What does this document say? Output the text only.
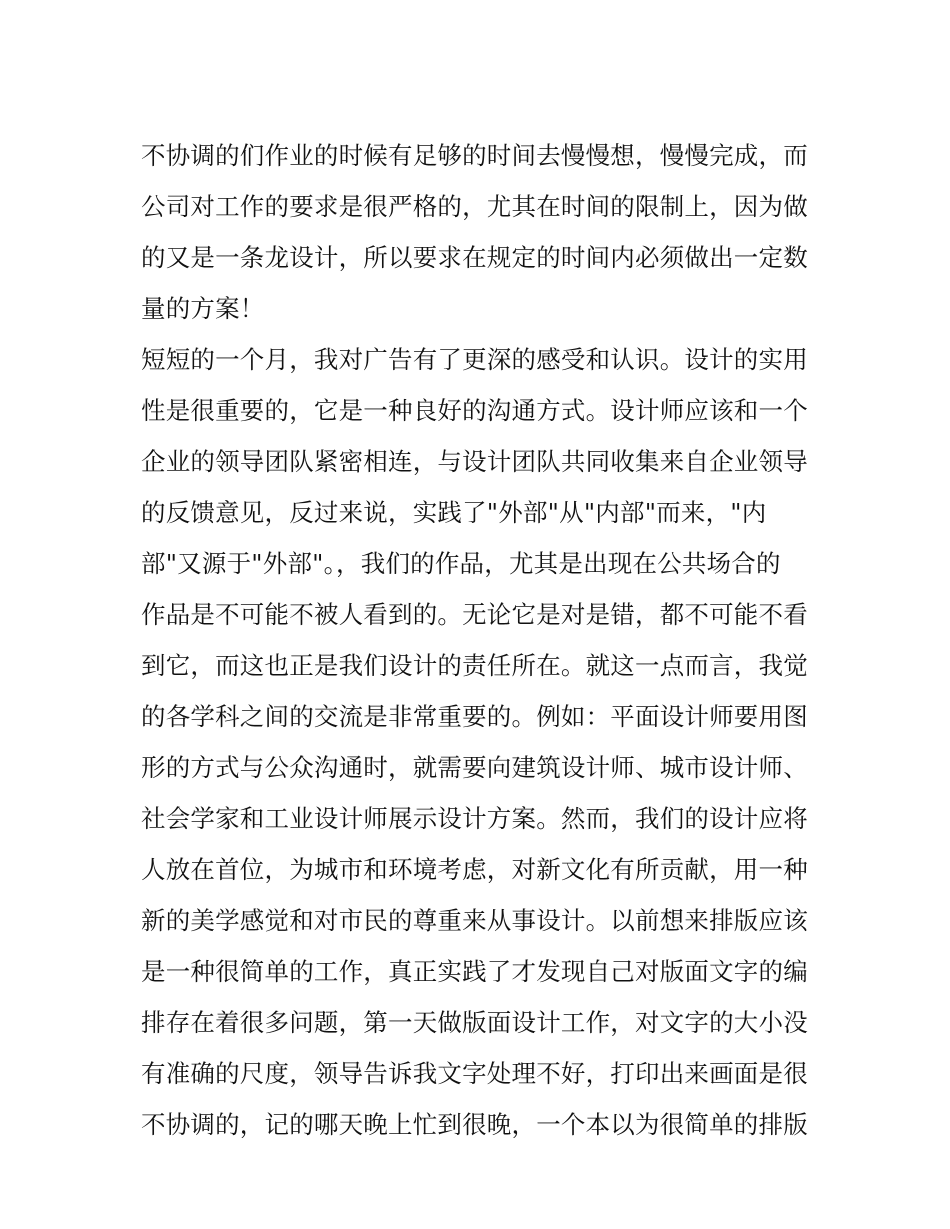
不协调的们作业的时候有足够的时间去慢慢想，慢慢完成，而
公司对工作的要求是很严格的，尤其在时间的限制上，因为做
的又是一条龙设计，所以要求在规定的时间内必须做出一定数
量的方案！
短短的一个月，我对广告有了更深的感受和认识。设计的实用
性是很重要的，它是一种良好的沟通方式。设计师应该和一个
企业的领导团队紧密相连，与设计团队共同收集来自企业领导
的反馈意见，反过来说，实践了"外部"从"内部"而来，"内
部"又源于"外部"。，我们的作品，尤其是出现在公共场合的
作品是不可能不被人看到的。无论它是对是错，都不可能不看
到它，而这也正是我们设计的责任所在。就这一点而言，我觉
的各学科之间的交流是非常重要的。例如：平面设计师要用图
形的方式与公众沟通时，就需要向建筑设计师、城市设计师、
社会学家和工业设计师展示设计方案。然而，我们的设计应将
人放在首位，为城市和环境考虑，对新文化有所贡献，用一种
新的美学感觉和对市民的尊重来从事设计。以前想来排版应该
是一种很简单的工作，真正实践了才发现自己对版面文字的编
排存在着很多问题，第一天做版面设计工作，对文字的大小没
有准确的尺度，领导告诉我文字处理不好，打印出来画面是很
不协调的，记的哪天晚上忙到很晚，一个本以为很简单的排版
